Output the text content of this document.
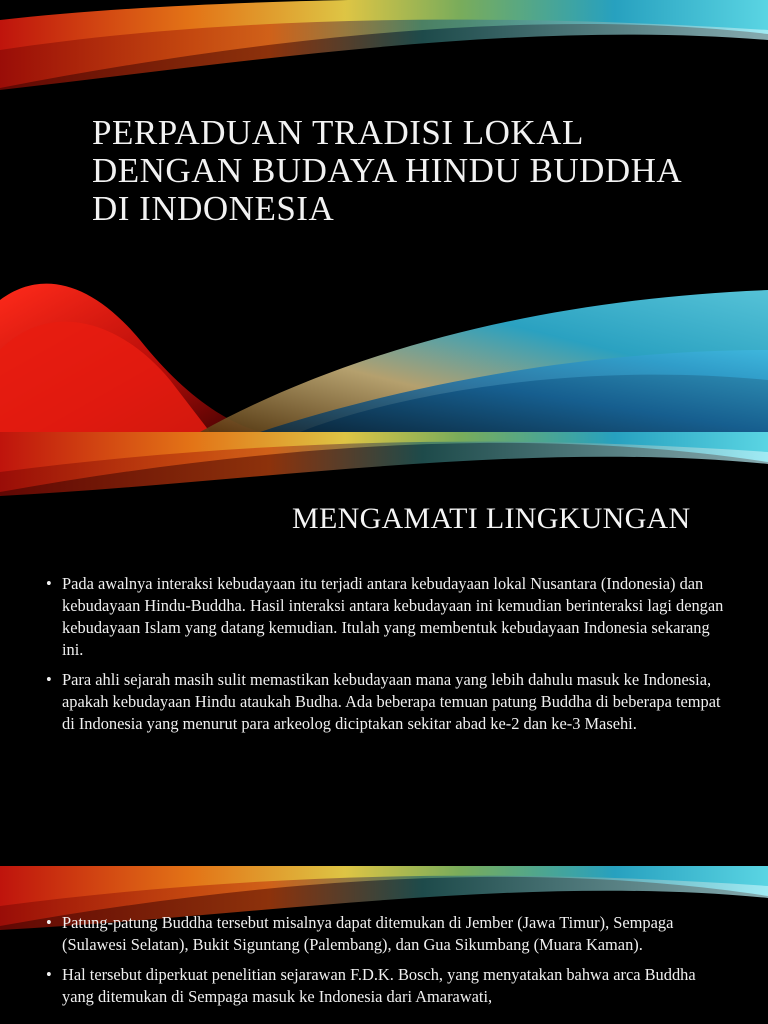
PERPADUAN TRADISI LOKAL
DENGAN BUDAYA HINDU BUDDHA
DI INDONESIA
MENGAMATI LINGKUNGAN
• Pada awalnya interaksi kebudayaan itu terjadi antara kebudayaan lokal Nusantara (Indonesia) dan kebudayaan Hindu-Buddha. Hasil interaksi antara kebudayaan ini kemudian berinteraksi lagi dengan kebudayaan Islam yang datang kemudian. Itulah yang membentuk kebudayaan Indonesia sekarang ini.
• Para ahli sejarah masih sulit memastikan kebudayaan mana yang lebih dahulu masuk ke Indonesia, apakah kebudayaan Hindu ataukah Budha. Ada beberapa temuan patung Buddha di beberapa tempat di Indonesia yang menurut para arkeolog diciptakan sekitar abad ke-2 dan ke-3 Masehi.
• Patung-patung Buddha tersebut misalnya dapat ditemukan di Jember (Jawa Timur), Sempaga (Sulawesi Selatan), Bukit Siguntang (Palembang), dan Gua Sikumbang (Muara Kaman).
• Hal tersebut diperkuat penelitian sejarawan F.D.K. Bosch, yang menyatakan bahwa arca Buddha yang ditemukan di Sempaga masuk ke Indonesia dari Amarawati,
